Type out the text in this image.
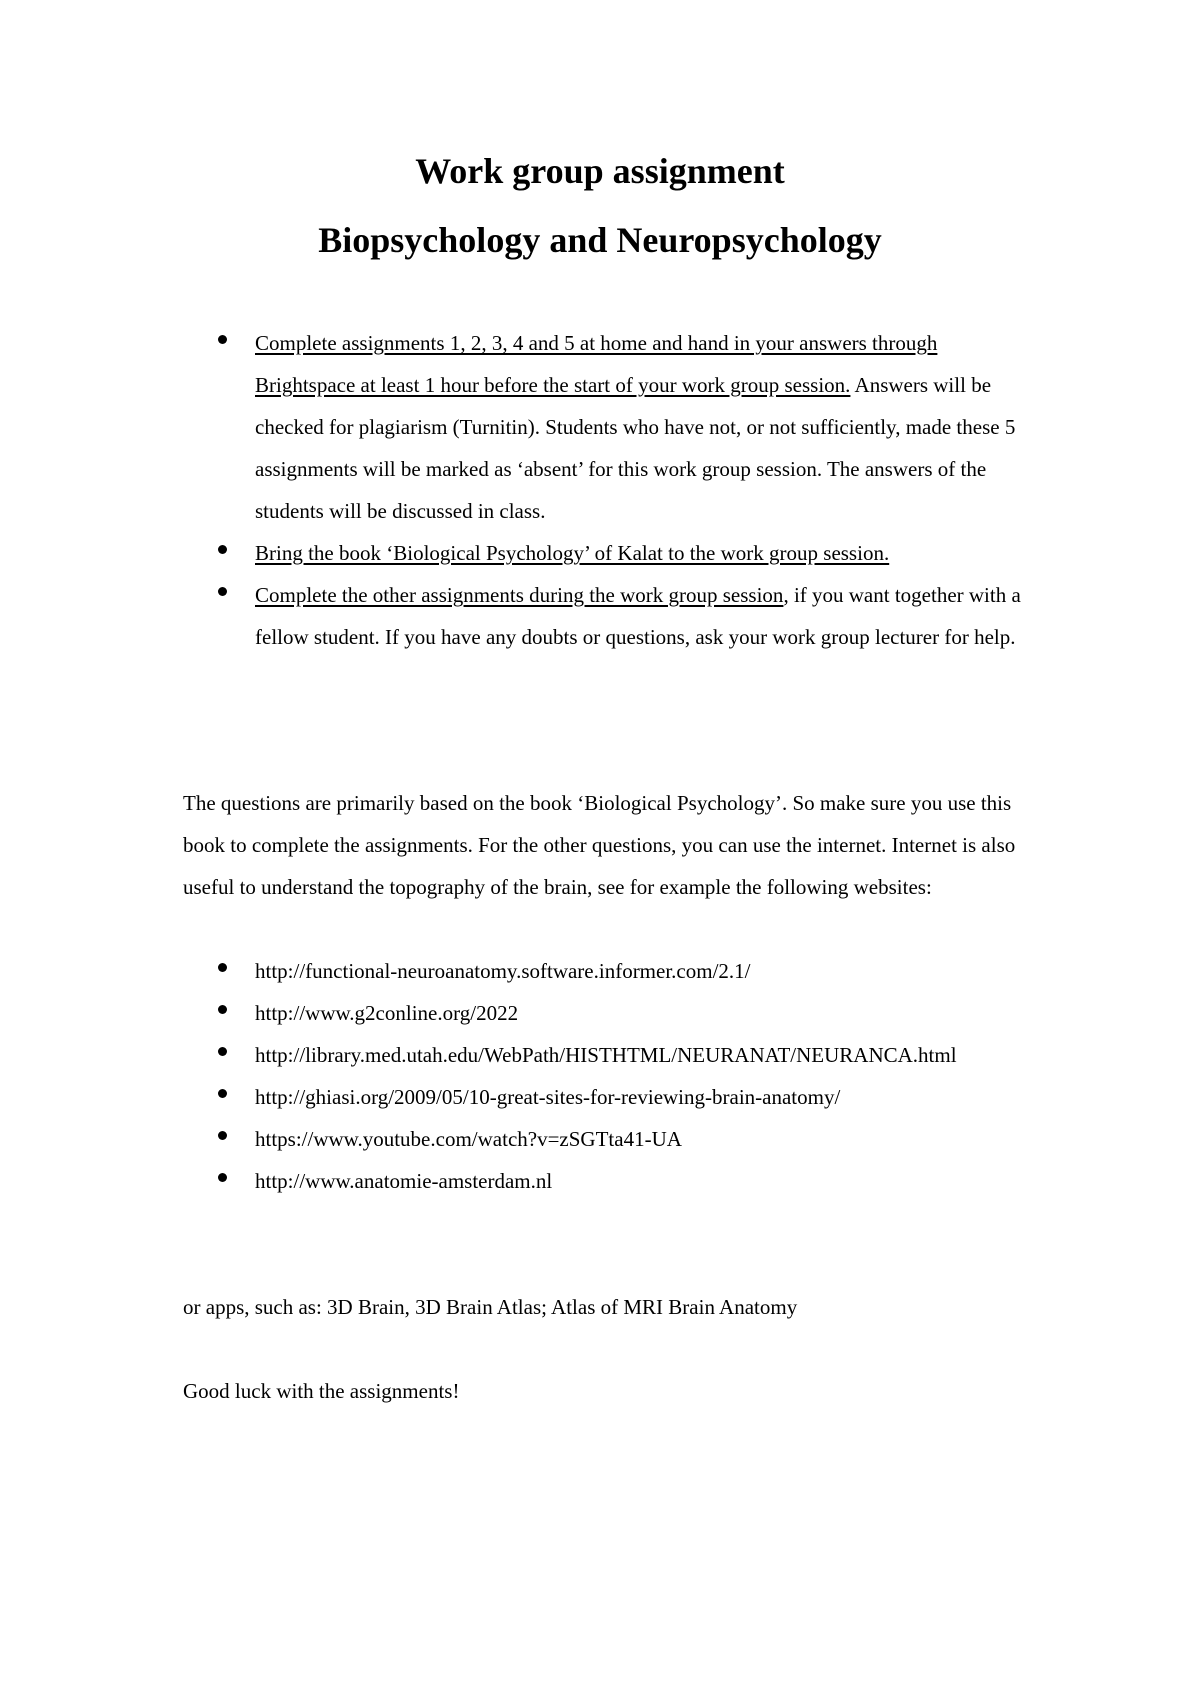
Work group assignment
Biopsychology and Neuropsychology
Complete assignments 1, 2, 3, 4 and 5 at home and hand in your answers through Brightspace at least 1 hour before the start of your work group session. Answers will be checked for plagiarism (Turnitin). Students who have not, or not sufficiently, made these 5 assignments will be marked as ‘absent’ for this work group session. The answers of the students will be discussed in class.
Bring the book ‘Biological Psychology’ of Kalat to the work group session.
Complete the other assignments during the work group session, if you want together with a fellow student. If you have any doubts or questions, ask your work group lecturer for help.

The questions are primarily based on the book ‘Biological Psychology’. So make sure you use this book to complete the assignments. For the other questions, you can use the internet. Internet is also useful to understand the topography of the brain, see for example the following websites:

http://functional-neuroanatomy.software.informer.com/2.1/
http://www.g2conline.org/2022
http://library.med.utah.edu/WebPath/HISTHTML/NEURANAT/NEURANCA.html
http://ghiasi.org/2009/05/10-great-sites-for-reviewing-brain-anatomy/
https://www.youtube.com/watch?v=zSGTta41-UA
http://www.anatomie-amsterdam.nl

or apps, such as: 3D Brain, 3D Brain Atlas; Atlas of MRI Brain Anatomy

Good luck with the assignments!
